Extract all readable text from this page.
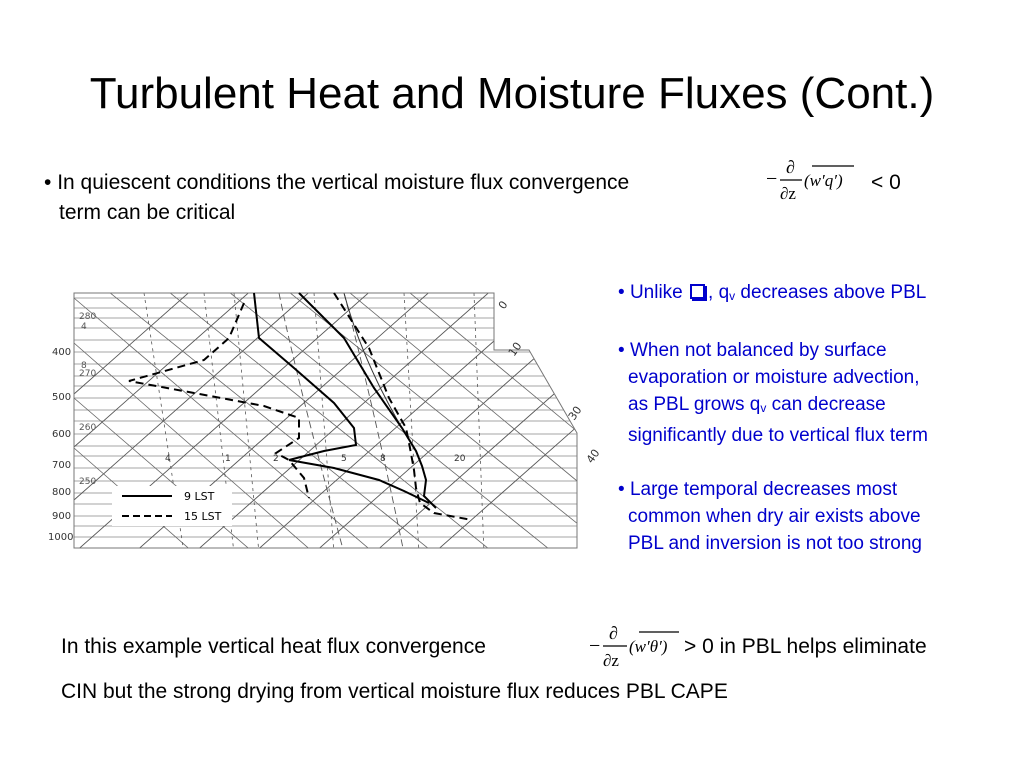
Turbulent Heat and Moisture Fluxes (Cont.)
• In quiescent conditions the vertical moisture flux convergence
term can be critical
−
∂
∂z
(w′q′) < 0
400
500
600
700
800
900
1000
280
4
8
270
260
250
4	1	2	5	8	20
0
10
30
40
9 LST
15 LST

• Unlike , qv decreases above PBL

• When not balanced by surface
evaporation or moisture advection,
as PBL grows qv can decrease
significantly due to vertical flux term

• Large temporal decreases most
common when dry air exists above
PBL and inversion is not too strong

In this example vertical heat flux convergence	−
∂
∂z
(w′θ′) > 0 in PBL helps eliminate
CIN but the strong drying from vertical moisture flux reduces PBL CAPE
